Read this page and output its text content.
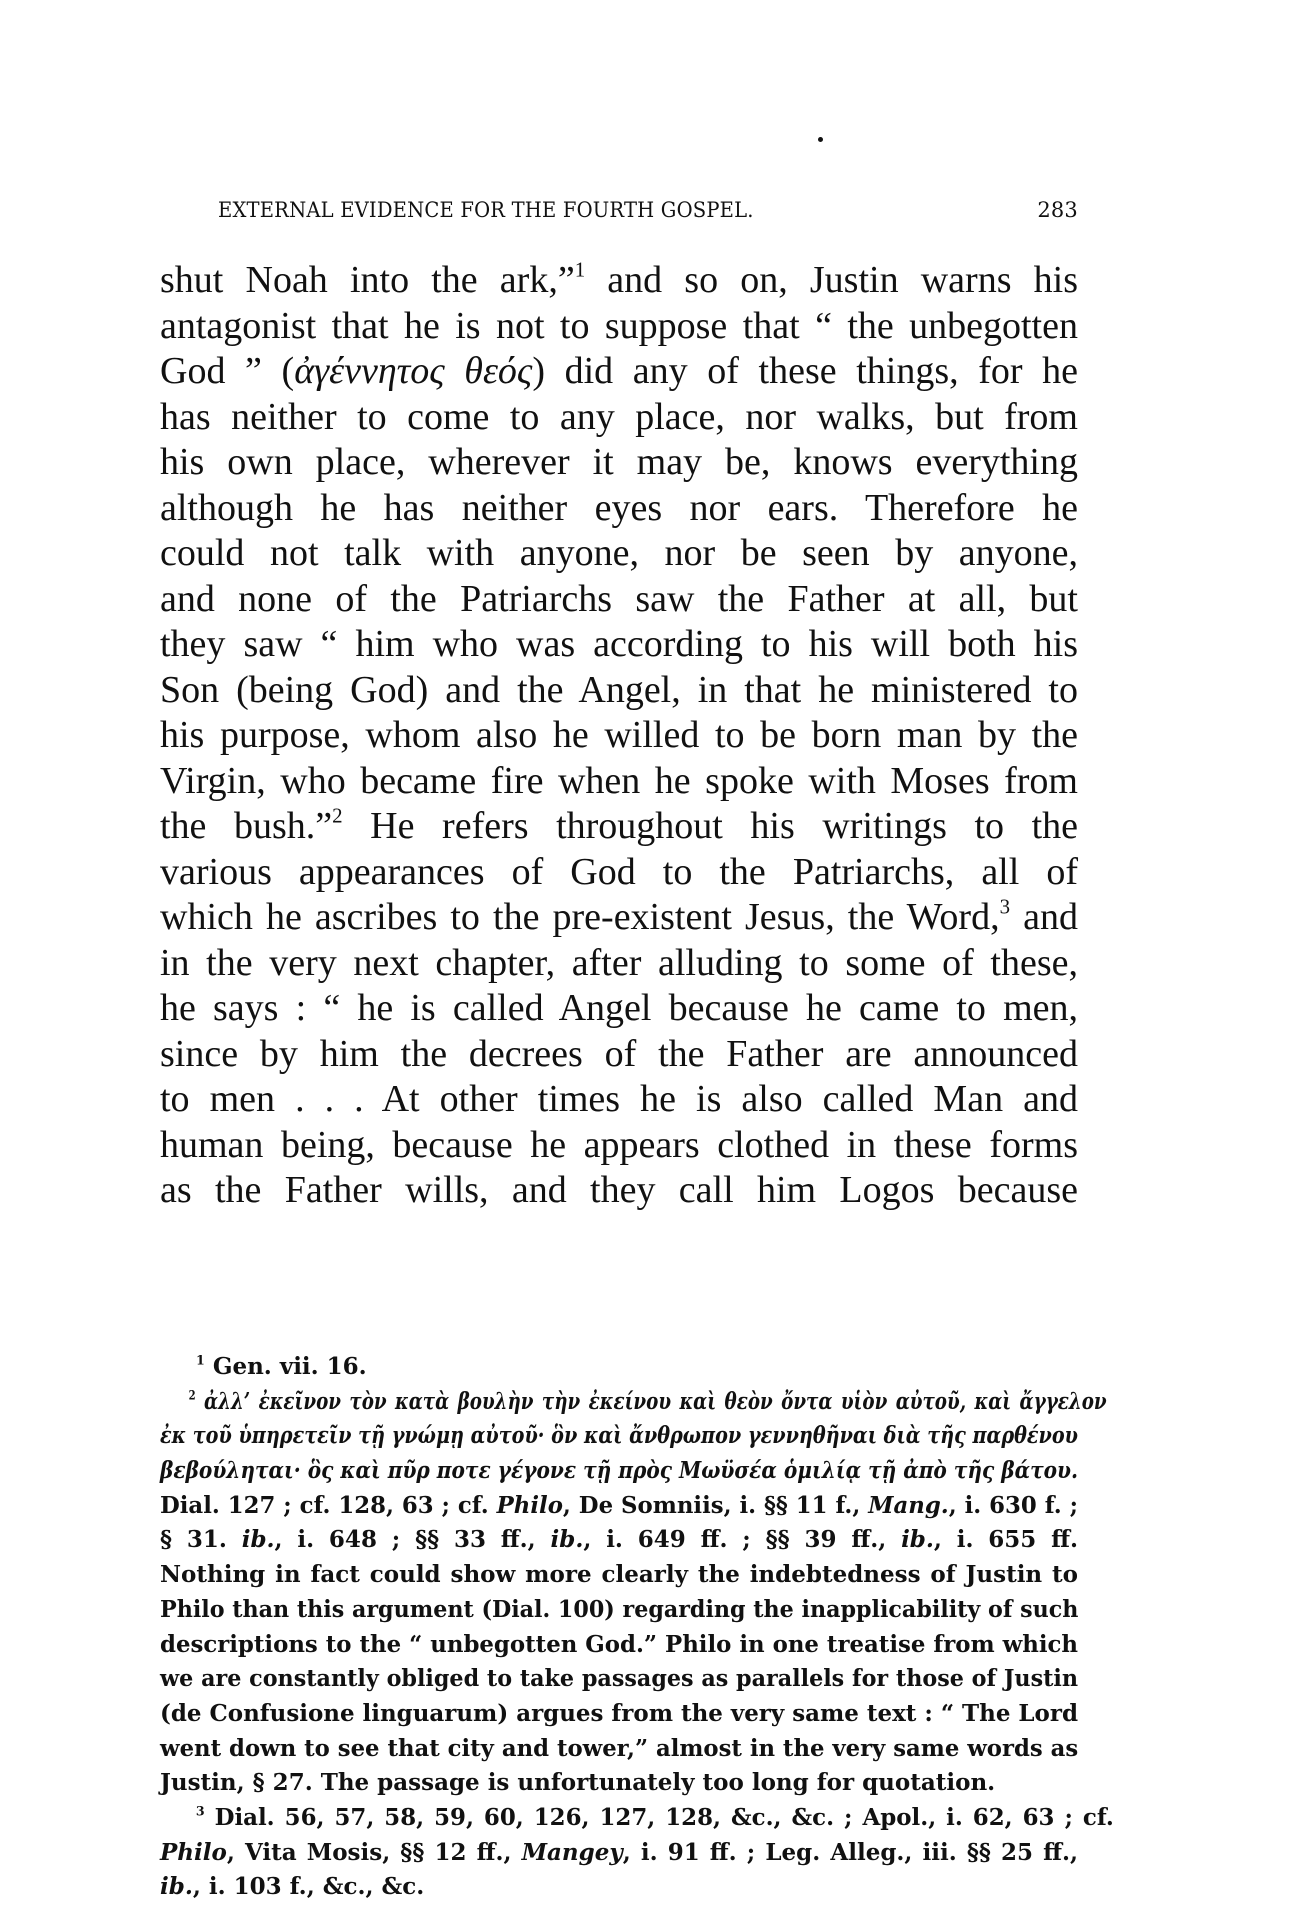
EXTERNAL EVIDENCE FOR THE FOURTH GOSPEL.	283
shut Noah into the ark,”$^1$ and so on, Justin warns his
antagonist that he is not to suppose that “ the unbegotten
God ” (ἀγέννητος θεός) did any of these things, for he
has neither to come to any place, nor walks, but from
his own place, wherever it may be, knows everything
although he has neither eyes nor ears. Therefore he
could not talk with anyone, nor be seen by anyone,
and none of the Patriarchs saw the Father at all, but
they saw “ him who was according to his will both his
Son (being God) and the Angel, in that he ministered to
his purpose, whom also he willed to be born man by the
Virgin, who became fire when he spoke with Moses from
the bush.”$^2$ He refers throughout his writings to the
various appearances of God to the Patriarchs, all of
which he ascribes to the pre-existent Jesus, the Word,$^3$ and
in the very next chapter, after alluding to some of these,
he says : “ he is called Angel because he came to men,
since by him the decrees of the Father are announced
to men . . . At other times he is also called Man and
human being, because he appears clothed in these forms
as the Father wills, and they call him Logos because
$^1$ Gen. vii. 16.
$^2$ ἀλλ’ ἐκεῖνον τὸν κατὰ βουλὴν τὴν ἐκείνου καὶ θεὸν ὄντα υἱὸν αὐτοῦ, καὶ ἄγγελον
ἐκ τοῦ ὑπηρετεῖν τῇ γνώμῃ αὐτοῦ· ὃν καὶ ἄνθρωπον γεννηθῆναι διὰ τῆς παρθένου
βεβούληται· ὃς καὶ πῦρ ποτε γέγονε τῇ πρὸς Μωϋσέα ὁμιλίᾳ τῇ ἀπὸ τῆς βάτου.
Dial. 127 ; cf. 128, 63 ; cf. Philo, De Somniis, i. §§ 11 f., Mang., i. 630 f. ;
§ 31. ib., i. 648 ; §§ 33 ff., ib., i. 649 ff. ; §§ 39 ff., ib., i. 655 ff.
Nothing in fact could show more clearly the indebtedness of Justin to
Philo than this argument (Dial. 100) regarding the inapplicability of such
descriptions to the “ unbegotten God.” Philo in one treatise from which
we are constantly obliged to take passages as parallels for those of Justin
(de Confusione linguarum) argues from the very same text : “ The Lord
went down to see that city and tower,” almost in the very same words as
Justin, § 27. The passage is unfortunately too long for quotation.
$^3$ Dial. 56, 57, 58, 59, 60, 126, 127, 128, &c., &c. ; Apol., i. 62, 63 ; cf.
Philo, Vita Mosis, §§ 12 ff., Mangey, i. 91 ff. ; Leg. Alleg., iii. §§ 25 ff.,
ib., i. 103 f., &c., &c.
